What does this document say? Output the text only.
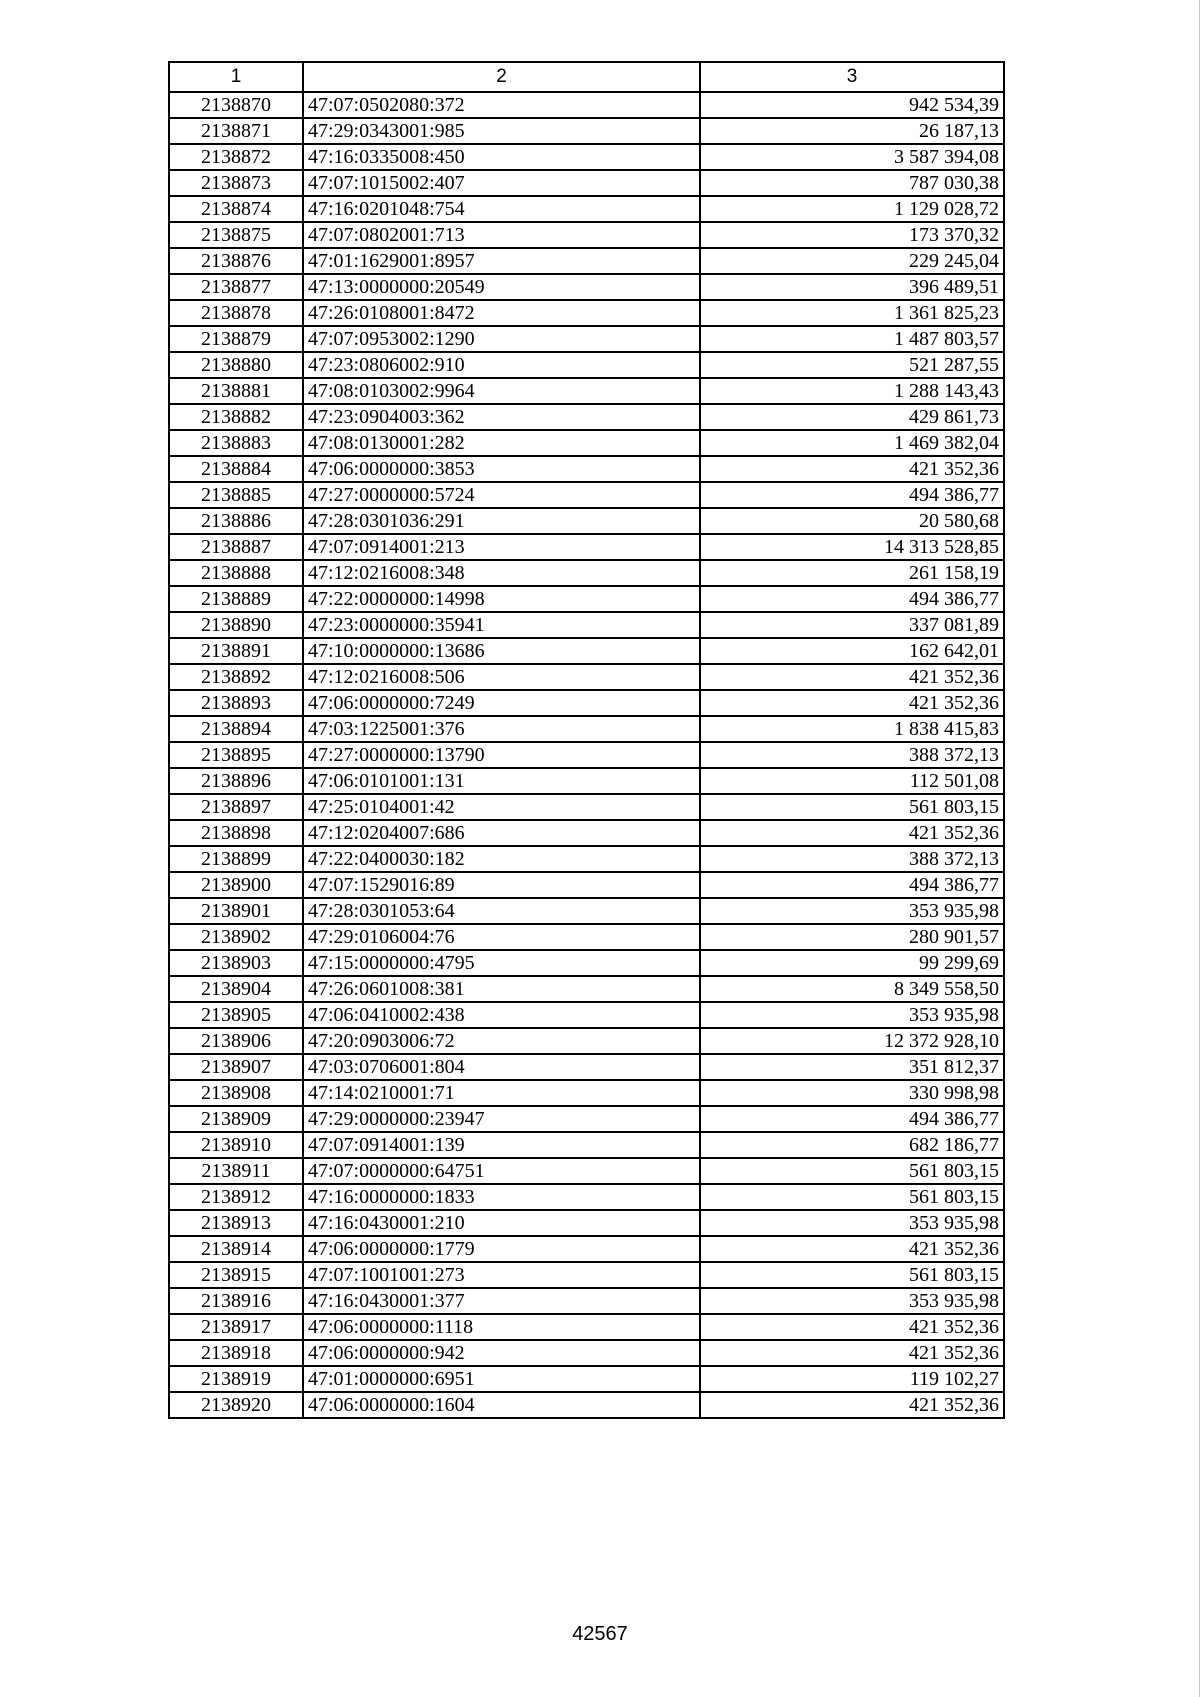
1	2	3
2138870	47:07:0502080:372	942 534,39
2138871	47:29:0343001:985	26 187,13
2138872	47:16:0335008:450	3 587 394,08
2138873	47:07:1015002:407	787 030,38
2138874	47:16:0201048:754	1 129 028,72
2138875	47:07:0802001:713	173 370,32
2138876	47:01:1629001:8957	229 245,04
2138877	47:13:0000000:20549	396 489,51
2138878	47:26:0108001:8472	1 361 825,23
2138879	47:07:0953002:1290	1 487 803,57
2138880	47:23:0806002:910	521 287,55
2138881	47:08:0103002:9964	1 288 143,43
2138882	47:23:0904003:362	429 861,73
2138883	47:08:0130001:282	1 469 382,04
2138884	47:06:0000000:3853	421 352,36
2138885	47:27:0000000:5724	494 386,77
2138886	47:28:0301036:291	20 580,68
2138887	47:07:0914001:213	14 313 528,85
2138888	47:12:0216008:348	261 158,19
2138889	47:22:0000000:14998	494 386,77
2138890	47:23:0000000:35941	337 081,89
2138891	47:10:0000000:13686	162 642,01
2138892	47:12:0216008:506	421 352,36
2138893	47:06:0000000:7249	421 352,36
2138894	47:03:1225001:376	1 838 415,83
2138895	47:27:0000000:13790	388 372,13
2138896	47:06:0101001:131	112 501,08
2138897	47:25:0104001:42	561 803,15
2138898	47:12:0204007:686	421 352,36
2138899	47:22:0400030:182	388 372,13
2138900	47:07:1529016:89	494 386,77
2138901	47:28:0301053:64	353 935,98
2138902	47:29:0106004:76	280 901,57
2138903	47:15:0000000:4795	99 299,69
2138904	47:26:0601008:381	8 349 558,50
2138905	47:06:0410002:438	353 935,98
2138906	47:20:0903006:72	12 372 928,10
2138907	47:03:0706001:804	351 812,37
2138908	47:14:0210001:71	330 998,98
2138909	47:29:0000000:23947	494 386,77
2138910	47:07:0914001:139	682 186,77
2138911	47:07:0000000:64751	561 803,15
2138912	47:16:0000000:1833	561 803,15
2138913	47:16:0430001:210	353 935,98
2138914	47:06:0000000:1779	421 352,36
2138915	47:07:1001001:273	561 803,15
2138916	47:16:0430001:377	353 935,98
2138917	47:06:0000000:1118	421 352,36
2138918	47:06:0000000:942	421 352,36
2138919	47:01:0000000:6951	119 102,27
2138920	47:06:0000000:1604	421 352,36
42567
